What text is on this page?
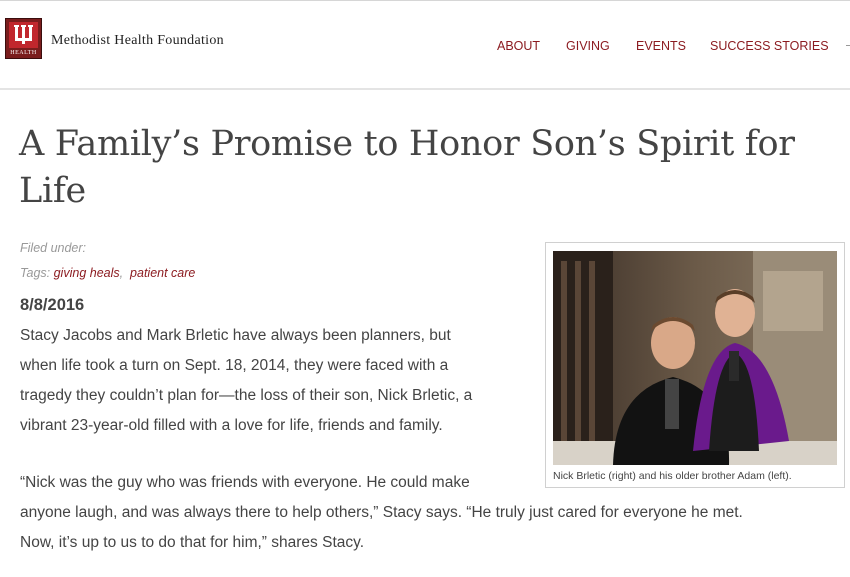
HEALTH
Methodist Health Foundation	ABOUT GIVING EVENTS SUCCESS STORIES
A Family’s Promise to Honor Son’s Spirit for Life
Filed under:
Tags: giving heals,  patient care
8/8/2016
Stacy Jacobs and Mark Brletic have always been planners, but
when life took a turn on Sept. 18, 2014, they were faced with a
tragedy they couldn’t plan for—the loss of their son, Nick Brletic, a
vibrant 23-year-old filled with a love for life, friends and family.
“Nick was the guy who was friends with everyone. He could make
anyone laugh, and was always there to help others,” Stacy says. “He truly just cared for everyone he met.
Now, it’s up to us to do that for him,” shares Stacy.
Nick Brletic (right) and his older brother Adam (left).
